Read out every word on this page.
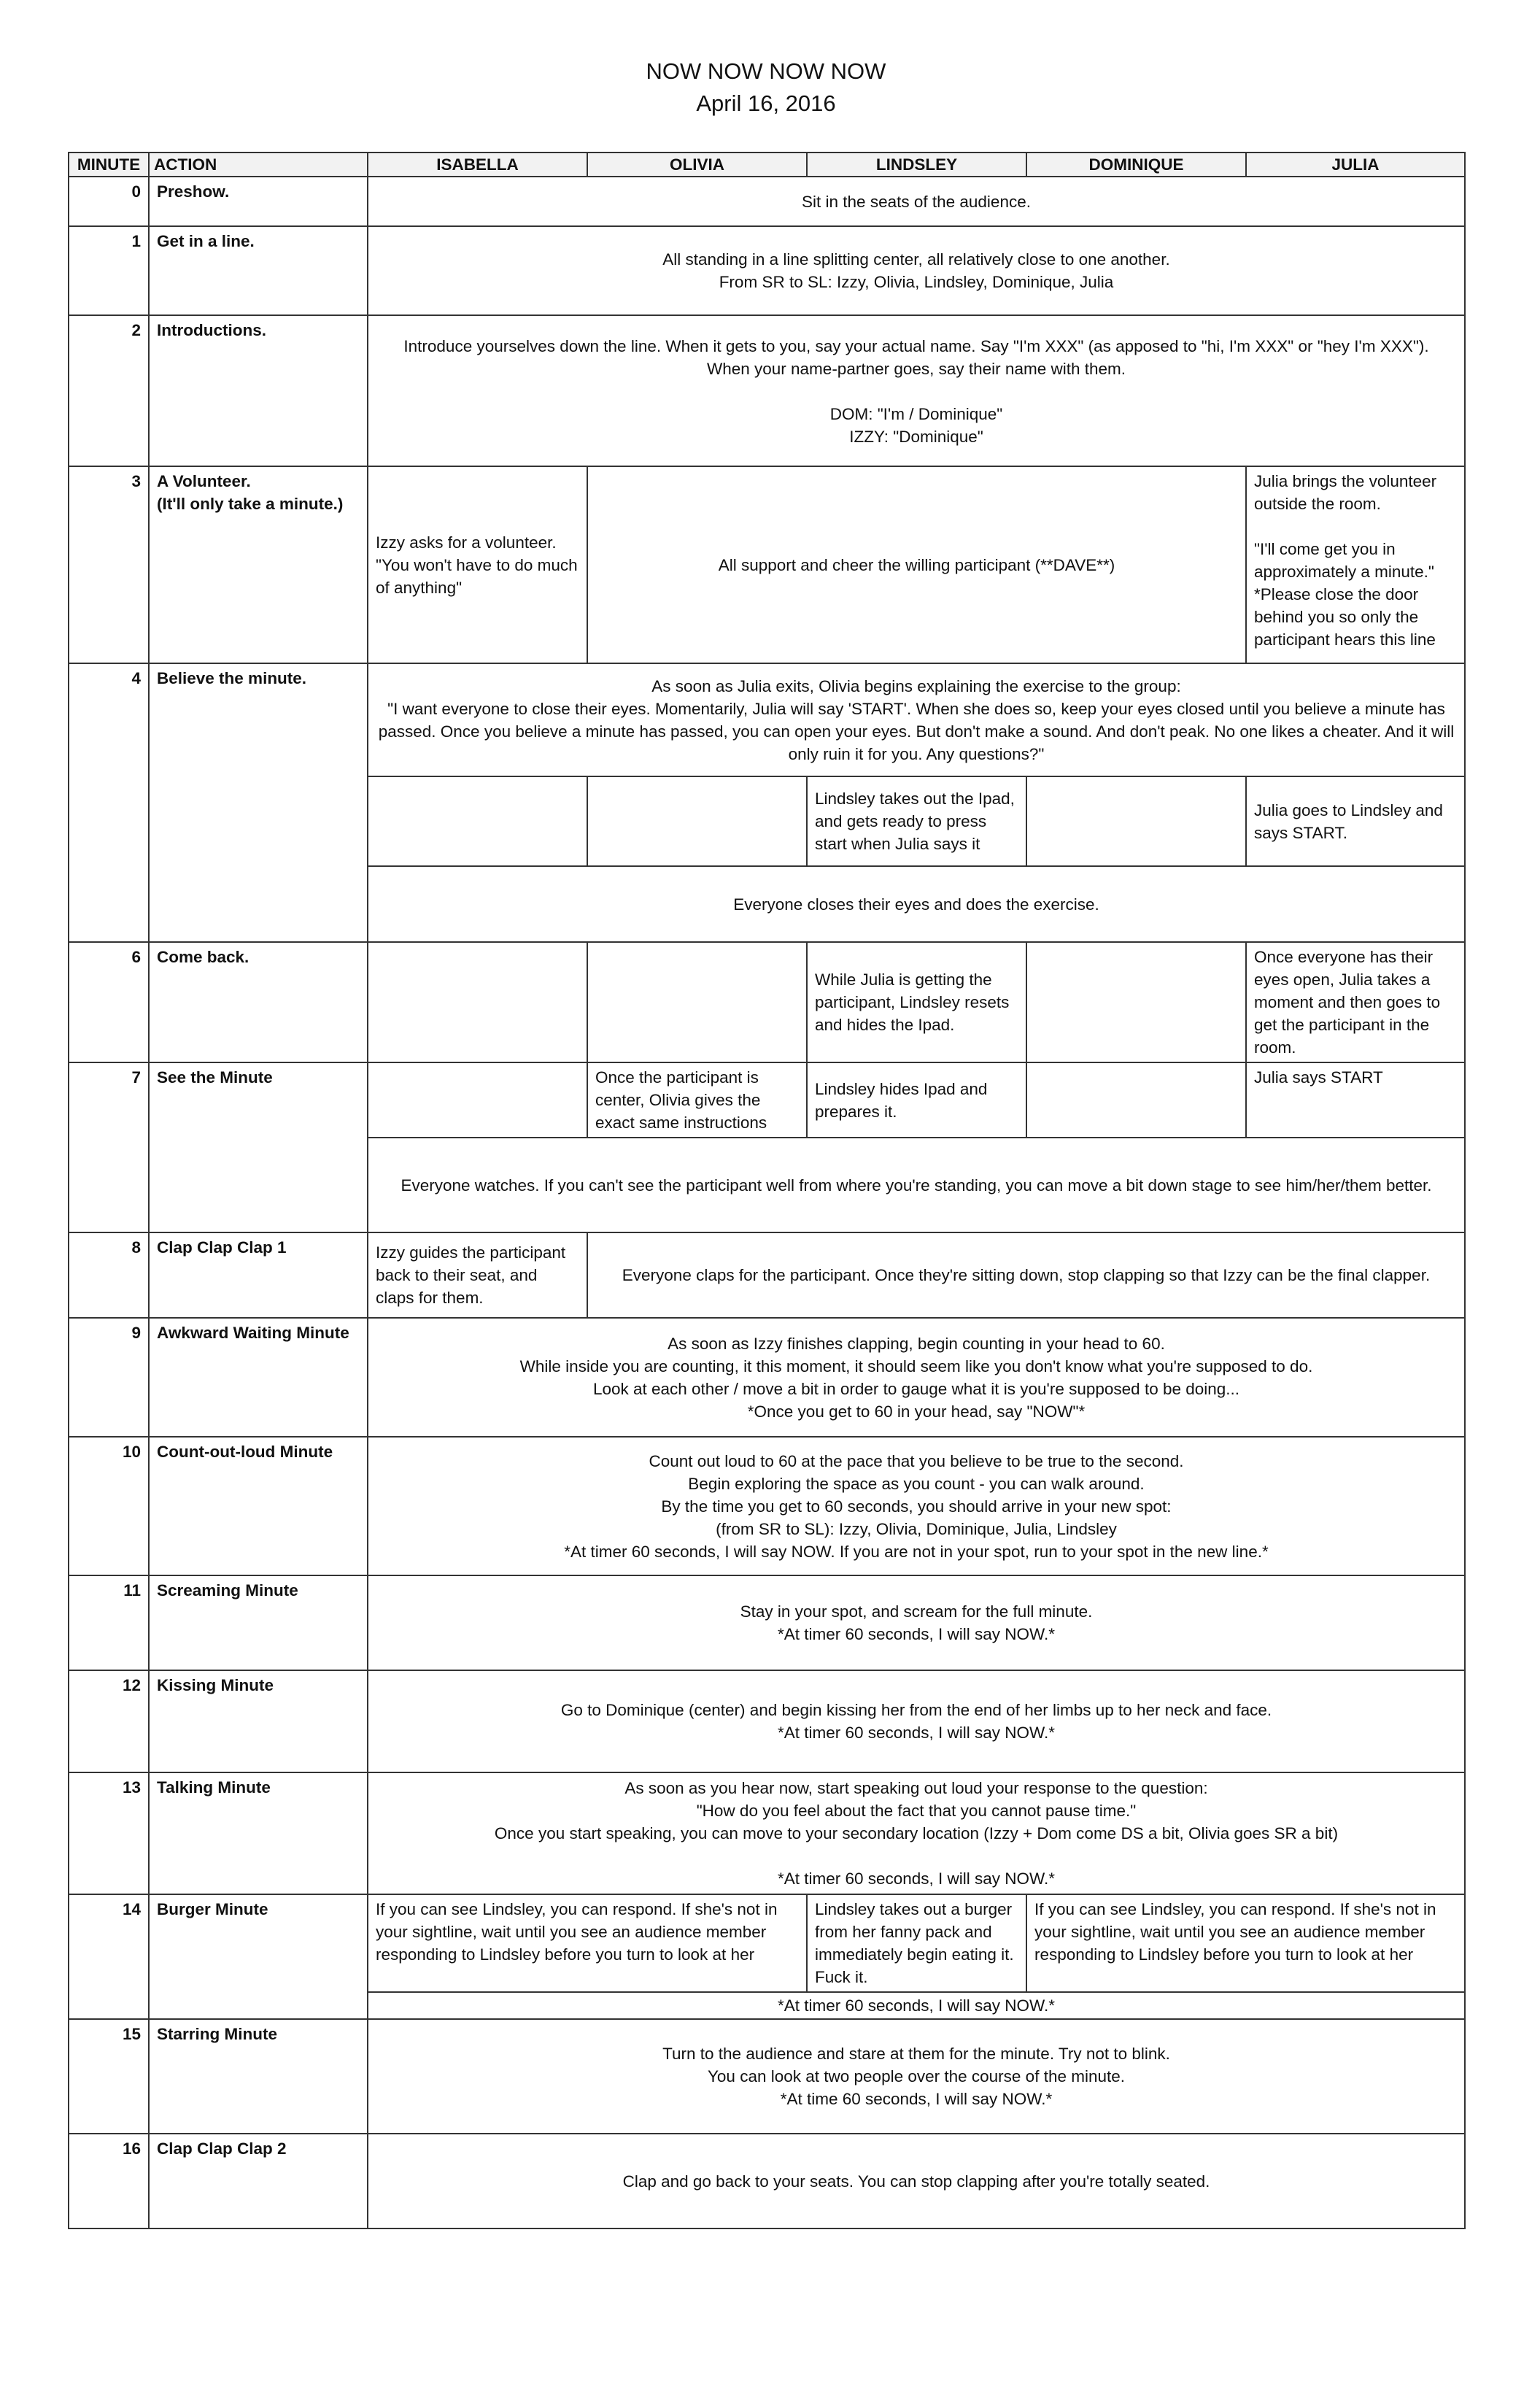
NOW NOW NOW NOW
April 16, 2016
MINUTE	ACTION	ISABELLA	OLIVIA	LINDSLEY	DOMINIQUE	JULIA
0	Preshow.	Sit in the seats of the audience.				
1	Get in a line.	All standing in a line splitting center, all relatively close to one another.
From SR to SL: Izzy, Olivia, Lindsley, Dominique, Julia				

2	Introductions.	Introduce yourselves down the line. When it gets to you, say your actual name. Say "I'm XXX" (as apposed to "hi, I'm XXX" or "hey I'm XXX").
When your name-partner goes, say their name with them.
DOM: "I'm / Dominique"
IZZY: "Dominique"				

3	A Volunteer.
(It'll only take a minute.)	Izzy asks for a volunteer.
"You won't have to do much of anything"	All support and cheer the willing participant (**DAVE**)			Julia brings the volunteer outside the room.
"I'll come get you in approximately a minute."
*Please close the door behind you so only the participant hears this line

4	Believe the minute.	As soon as Julia exits, Olivia begins explaining the exercise to the group:
"I want everyone to close their eyes. Momentarily, Julia will say 'START'. When she does so, keep your eyes closed until you believe a minute has passed. Once you believe a minute has passed, you can open your eyes. But don't make a sound. And don't peak. No one likes a cheater. And it will only ruin it for you. Any questions?"				

				Lindsley takes out the Ipad, and gets ready to press start when Julia says it		Julia goes to Lindsley and says START.
		Everyone closes their eyes and does the exercise.				
6	Come back.			While Julia is getting the participant, Lindsley resets and hides the Ipad.		Once everyone has their eyes open, Julia takes a moment and then goes to get the participant in the room.
7	See the Minute		Once the participant is center, Olivia gives the exact same instructions	Lindsley hides Ipad and prepares it.		Julia says START
		Everyone watches. If you can't see the participant well from where you're standing, you can move a bit down stage to see him/her/them better.				
8	Clap Clap Clap 1	Izzy guides the participant back to their seat, and claps for them.	Everyone claps for the participant. Once they're sitting down, stop clapping so that Izzy can be the final clapper.			
9	Awkward Waiting Minute	As soon as Izzy finishes clapping, begin counting in your head to 60.
While inside you are counting, it this moment, it should seem like you don't know what you're supposed to do.
Look at each other / move a bit in order to gauge what it is you're supposed to be doing...
*Once you get to 60 in your head, say "NOW"*				

10	Count-out-loud Minute	Count out loud to 60 at the pace that you believe to be true to the second.
Begin exploring the space as you count - you can walk around.
By the time you get to 60 seconds, you should arrive in your new spot:
(from SR to SL): Izzy, Olivia, Dominique, Julia, Lindsley
*At timer 60 seconds, I will say NOW. If you are not in your spot, run to your spot in the new line.*				

11	Screaming Minute	Stay in your spot, and scream for the full minute.
*At timer 60 seconds, I will say NOW.*				

12	Kissing Minute	Go to Dominique (center) and begin kissing her from the end of her limbs up to her neck and face.
*At timer 60 seconds, I will say NOW.*				

13	Talking Minute	As soon as you hear now, start speaking out loud your response to the question:
"How do you feel about the fact that you cannot pause time."
Once you start speaking, you can move to your secondary location (Izzy + Dom come DS a bit, Olivia goes SR a bit)
*At timer 60 seconds, I will say NOW.*				

14	Burger Minute	If you can see Lindsley, you can respond. If she's not in your sightline, wait until you see an audience member responding to Lindsley before you turn to look at her		Lindsley takes out a burger from her fanny pack and immediately begin eating it. Fuck it.	If you can see Lindsley, you can respond. If she's not in your sightline, wait until you see an audience member responding to Lindsley before you turn to look at her	
		*At timer 60 seconds, I will say NOW.*				
15	Starring Minute	Turn to the audience and stare at them for the minute. Try not to blink.
You can look at two people over the course of the minute.
*At time 60 seconds, I will say NOW.*				

16	Clap Clap Clap 2	Clap and go back to your seats. You can stop clapping after you're totally seated.				
